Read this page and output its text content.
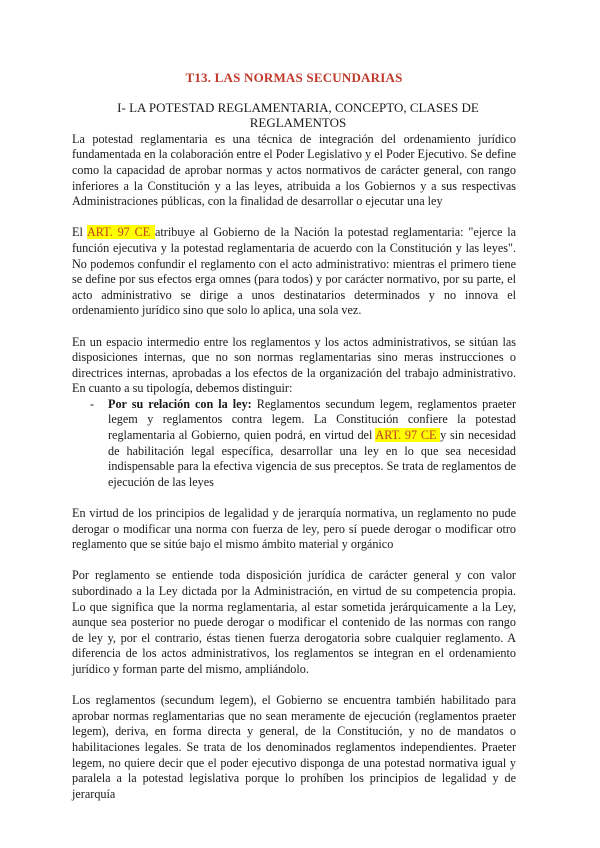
T13. LAS NORMAS SECUNDARIAS
I- LA POTESTAD REGLAMENTARIA, CONCEPTO, CLASES DE REGLAMENTOS

La potestad reglamentaria es una técnica de integración del ordenamiento jurídico fundamentada en la colaboración entre el Poder Legislativo y el Poder Ejecutivo. Se define como la capacidad de aprobar normas y actos normativos de carácter general, con rango inferiores a la Constitución y a las leyes, atribuida a los Gobiernos y a sus respectivas Administraciones públicas, con la finalidad de desarrollar o ejecutar una ley

El ART. 97 CE atribuye al Gobierno de la Nación la potestad reglamentaria: "ejerce la función ejecutiva y la potestad reglamentaria de acuerdo con la Constitución y las leyes". No podemos confundir el reglamento con el acto administrativo: mientras el primero tiene se define por sus efectos erga omnes (para todos) y por carácter normativo, por su parte, el acto administrativo se dirige a unos destinatarios determinados y no innova el ordenamiento jurídico sino que solo lo aplica, una sola vez.

En un espacio intermedio entre los reglamentos y los actos administrativos, se sitúan las disposiciones internas, que no son normas reglamentarias sino meras instrucciones o directrices internas, aprobadas a los efectos de la organización del trabajo administrativo. En cuanto a su tipología, debemos distinguir:

- Por su relación con la ley: Reglamentos secundum legem, reglamentos praeter legem y reglamentos contra legem. La Constitución confiere la potestad reglamentaria al Gobierno, quien podrá, en virtud del ART. 97 CE y sin necesidad de habilitación legal específica, desarrollar una ley en lo que sea necesidad indispensable para la efectiva vigencia de sus preceptos. Se trata de reglamentos de ejecución de las leyes

En virtud de los principios de legalidad y de jerarquía normativa, un reglamento no pude derogar o modificar una norma con fuerza de ley, pero sí puede derogar o modificar otro reglamento que se sitúe bajo el mismo ámbito material y orgánico

Por reglamento se entiende toda disposición jurídica de carácter general y con valor subordinado a la Ley dictada por la Administración, en virtud de su competencia propia. Lo que significa que la norma reglamentaria, al estar sometida jerárquicamente a la Ley, aunque sea posterior no puede derogar o modificar el contenido de las normas con rango de ley y, por el contrario, éstas tienen fuerza derogatoria sobre cualquier reglamento. A diferencia de los actos administrativos, los reglamentos se integran en el ordenamiento jurídico y forman parte del mismo, ampliándolo.

Los reglamentos (secundum legem), el Gobierno se encuentra también habilitado para aprobar normas reglamentarias que no sean meramente de ejecución (reglamentos praeter legem), deriva, en forma directa y general, de la Constitución, y no de mandatos o habilitaciones legales. Se trata de los denominados reglamentos independientes. Praeter legem, no quiere decir que el poder ejecutivo disponga de una potestad normativa igual y paralela a la potestad legislativa porque lo prohíben los principios de legalidad y de jerarquía
